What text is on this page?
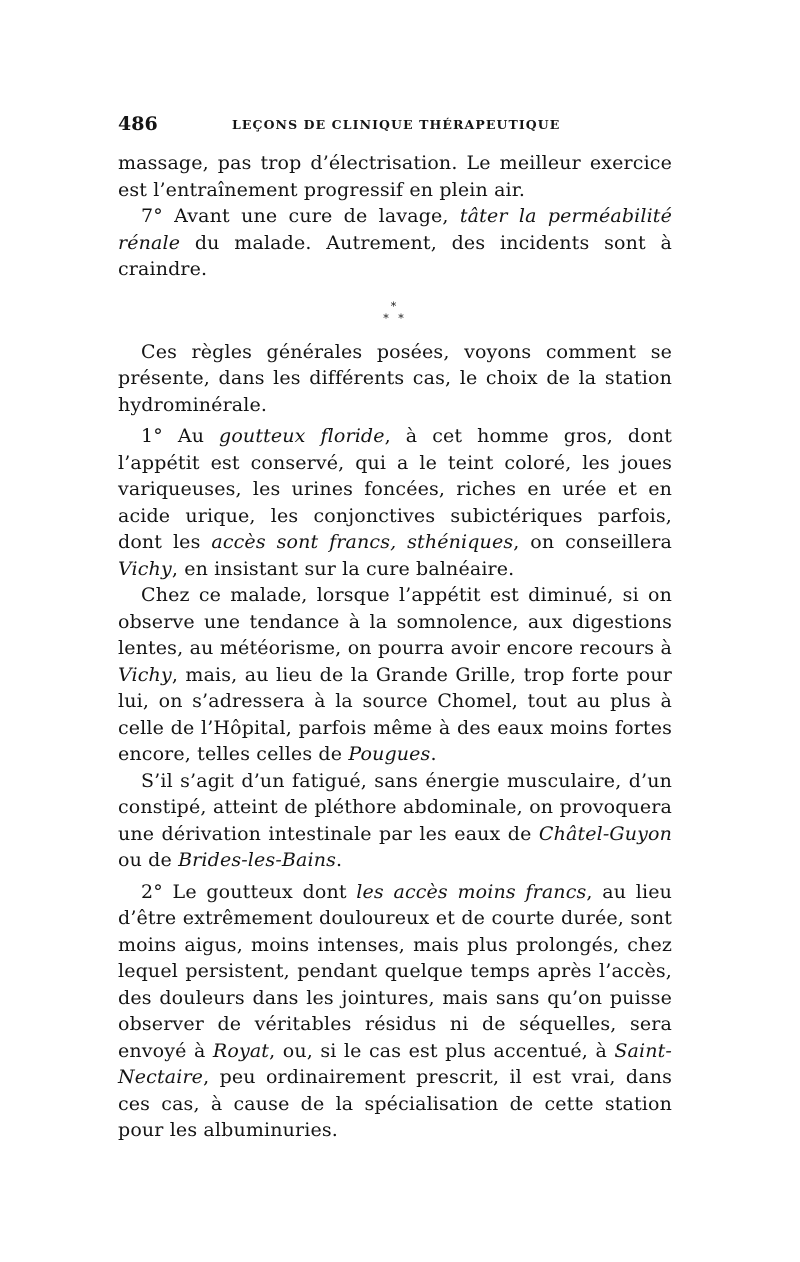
486	LEÇONS DE CLINIQUE THÉRAPEUTIQUE

massage, pas trop d’électrisation. Le meilleur exercice est l’entraînement progressif en plein air.

7° Avant une cure de lavage, tâter la perméabilité rénale du malade. Autrement, des incidents sont à craindre.

*
* *

Ces règles générales posées, voyons comment se présente, dans les différents cas, le choix de la station hydrominérale.

1° Au goutteux floride, à cet homme gros, dont l’appétit est conservé, qui a le teint coloré, les joues variqueuses, les urines foncées, riches en urée et en acide urique, les conjonctives subictériques parfois, dont les accès sont francs, sthéniques, on conseillera Vichy, en insistant sur la cure balnéaire.

Chez ce malade, lorsque l’appétit est diminué, si on observe une tendance à la somnolence, aux digestions lentes, au météorisme, on pourra avoir encore recours à Vichy, mais, au lieu de la Grande Grille, trop forte pour lui, on s’adressera à la source Chomel, tout au plus à celle de l’Hôpital, parfois même à des eaux moins fortes encore, telles celles de Pougues.

S’il s’agit d’un fatigué, sans énergie musculaire, d’un constipé, atteint de pléthore abdominale, on provoquera une dérivation intestinale par les eaux de Châtel-Guyon ou de Brides-les-Bains.

2° Le goutteux dont les accès moins francs, au lieu d’être extrêmement douloureux et de courte durée, sont moins aigus, moins intenses, mais plus prolongés, chez lequel persistent, pendant quelque temps après l’accès, des douleurs dans les jointures, mais sans qu’on puisse observer de véritables résidus ni de séquelles, sera envoyé à Royat, ou, si le cas est plus accentué, à Saint-Nectaire, peu ordinairement prescrit, il est vrai, dans ces cas, à cause de la spécialisation de cette station pour les albuminuries.
